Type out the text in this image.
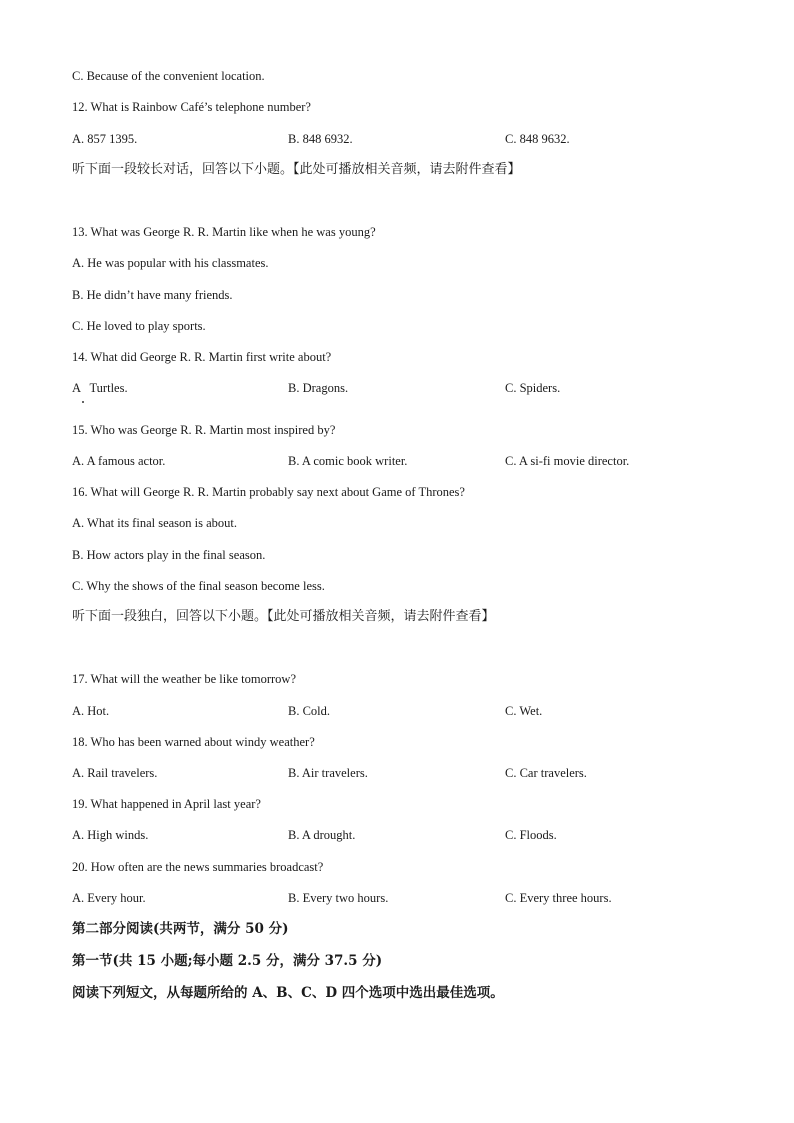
C. Because of the convenient location.
12. What is Rainbow Café’s telephone number?
A. 857 1395.	B. 848 6932.	C. 848 9632.
听下面一段较长对话，回答以下小题。【此处可播放相关音频，请去附件查看】
13. What was George R. R. Martin like when he was young?
A. He was popular with his classmates.
B. He didn’t have many friends.
C. He loved to play sports.
14. What did George R. R. Martin first write about?
A   Turtles.	B. Dragons.	C. Spiders.
15. Who was George R. R. Martin most inspired by?
A. A famous actor.	B. A comic book writer.	C. A si-fi movie director.
16. What will George R. R. Martin probably say next about Game of Thrones?
A. What its final season is about.
B. How actors play in the final season.
C. Why the shows of the final season become less.
听下面一段独白，回答以下小题。【此处可播放相关音频，请去附件查看】
17. What will the weather be like tomorrow?
A. Hot.	B. Cold.	C. Wet.
18. Who has been warned about windy weather?
A. Rail travelers.	B. Air travelers.	C. Car travelers.
19. What happened in April last year?
A. High winds.	B. A drought.	C. Floods.
20. How often are the news summaries broadcast?
A. Every hour.	B. Every two hours.	C. Every three hours.
第二部分阅读(共两节，满分 50 分)
第一节(共 15 小题;每小题 2.5 分，满分 37.5 分)
阅读下列短文，从每题所给的 A、B、C、D 四个选项中选出最佳选项。
